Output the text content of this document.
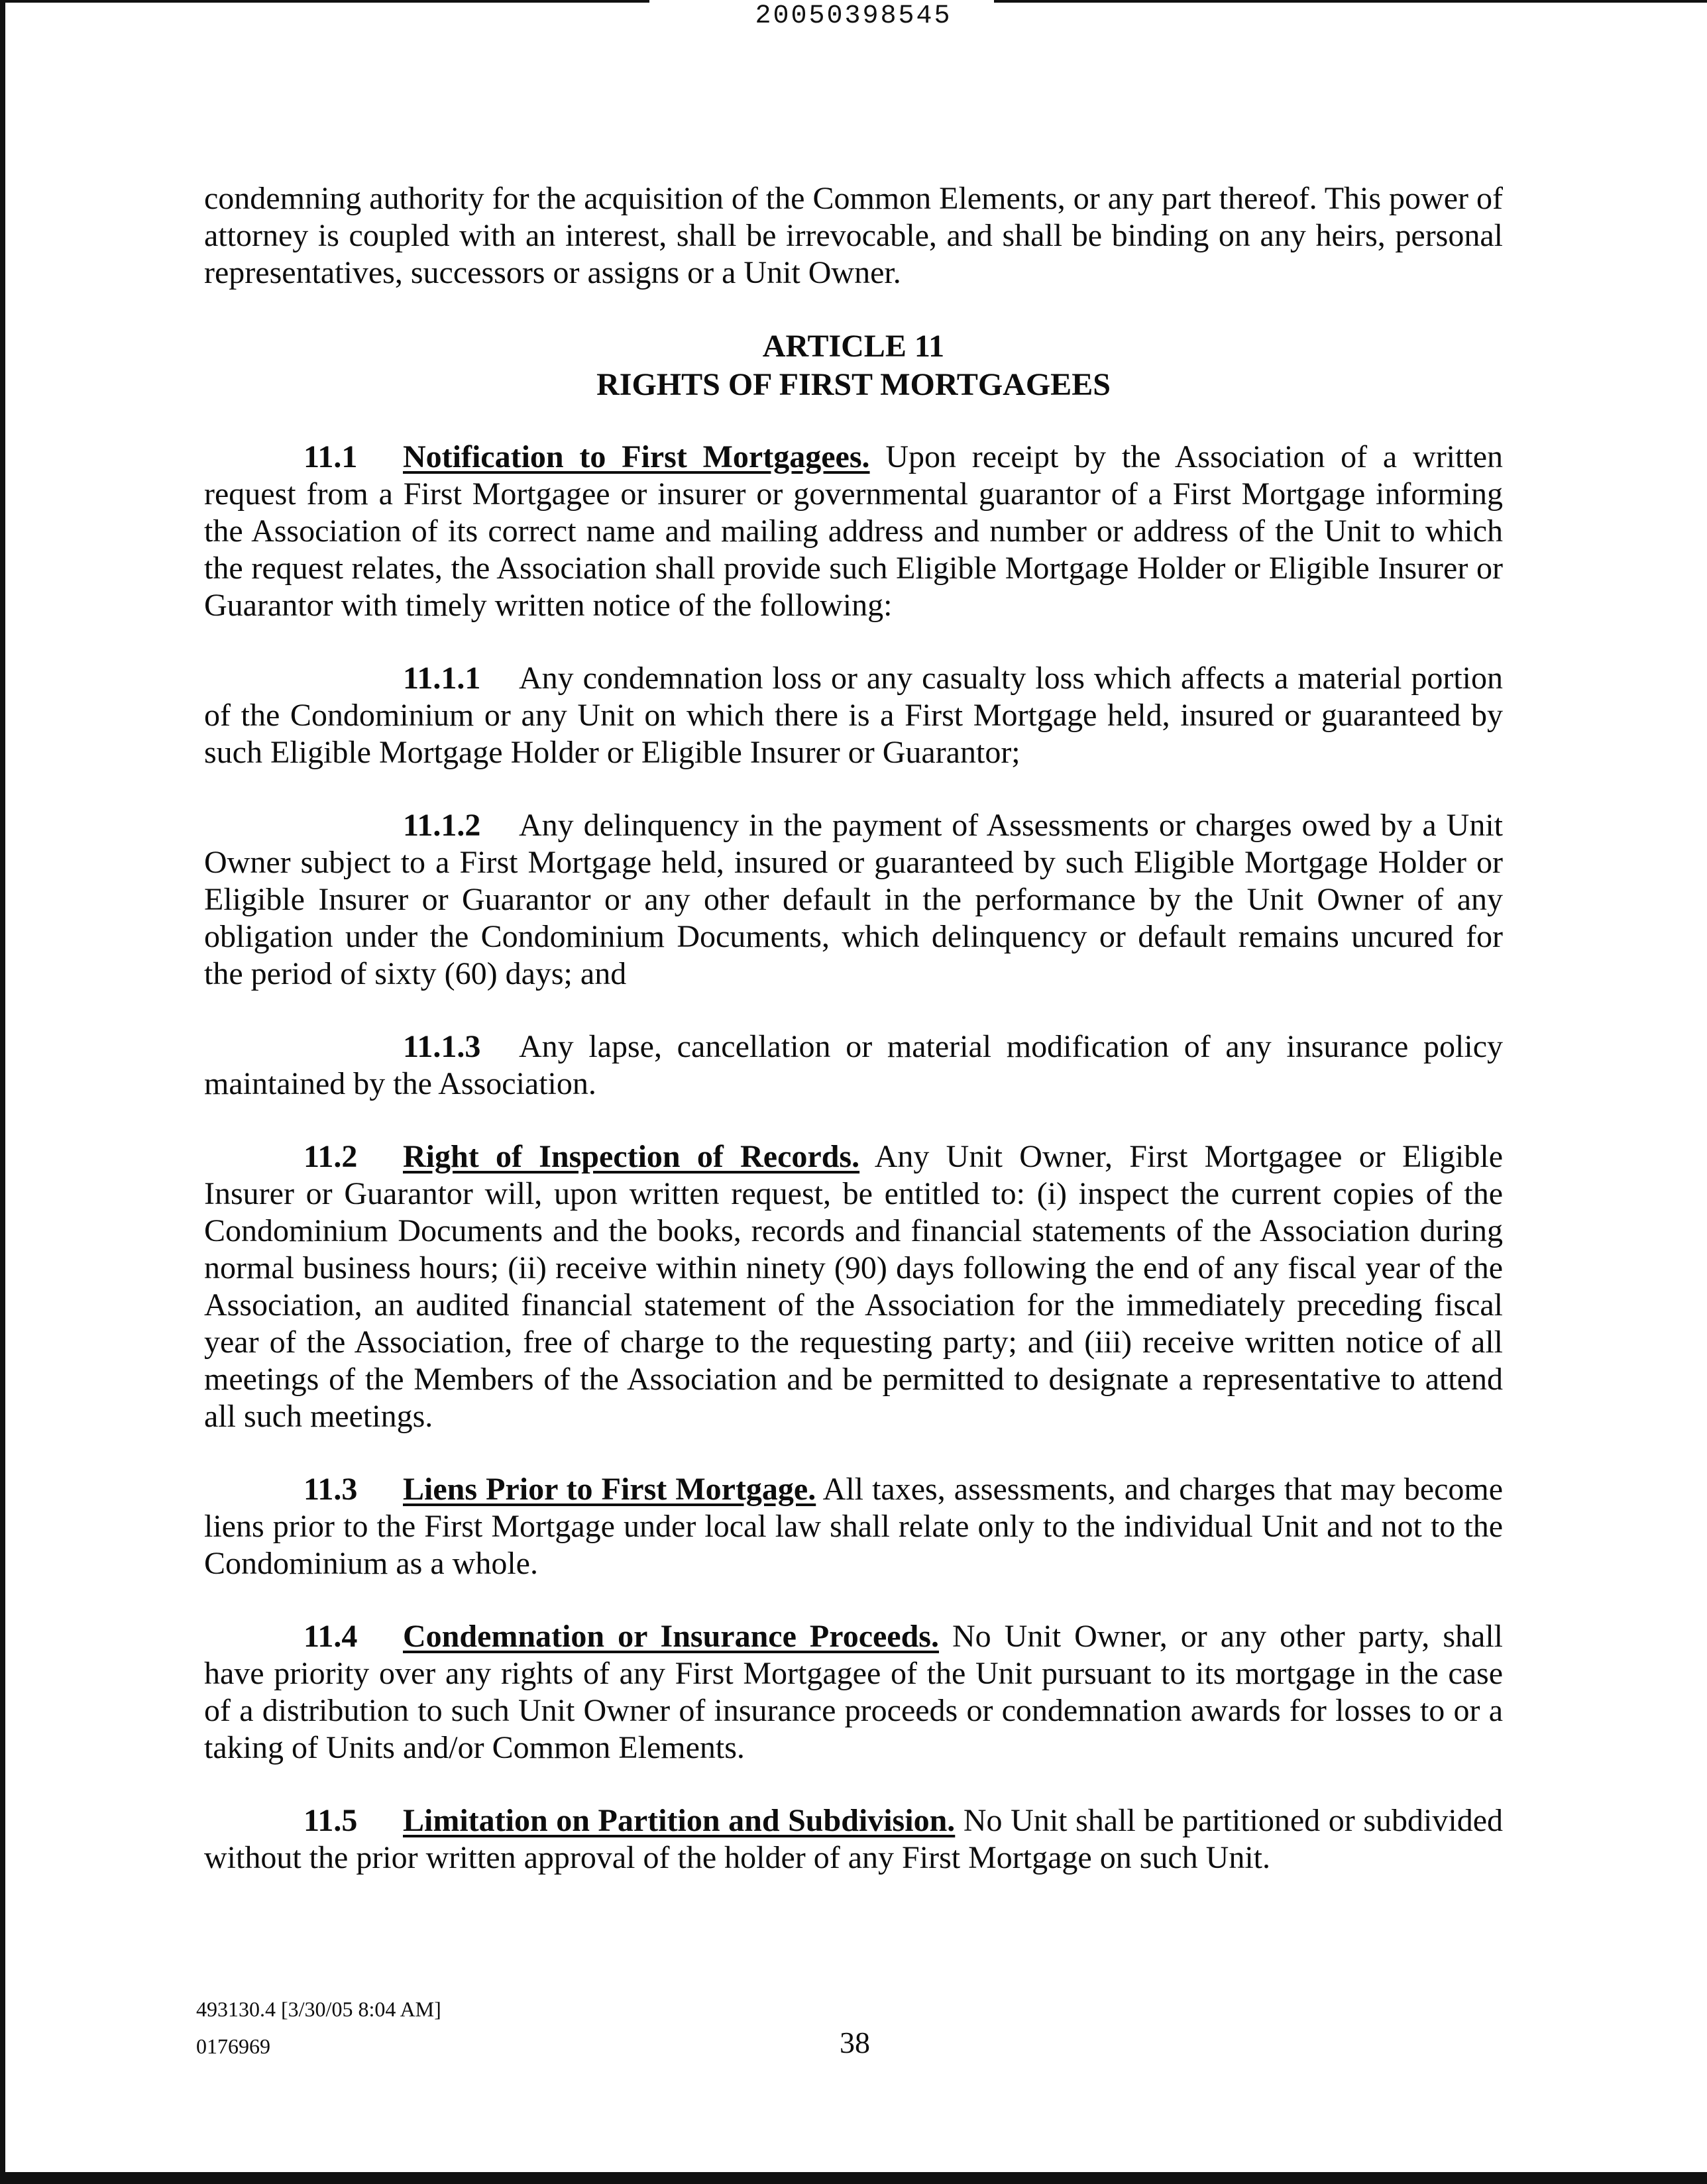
20050398545

condemning authority for the acquisition of the Common Elements, or any part thereof. This power of attorney is coupled with an interest, shall be irrevocable, and shall be binding on any heirs, personal representatives, successors or assigns or a Unit Owner.

ARTICLE 11
RIGHTS OF FIRST MORTGAGEES

11.1 Notification to First Mortgagees. Upon receipt by the Association of a written request from a First Mortgagee or insurer or governmental guarantor of a First Mortgage informing the Association of its correct name and mailing address and number or address of the Unit to which the request relates, the Association shall provide such Eligible Mortgage Holder or Eligible Insurer or Guarantor with timely written notice of the following:

11.1.1 Any condemnation loss or any casualty loss which affects a material portion of the Condominium or any Unit on which there is a First Mortgage held, insured or guaranteed by such Eligible Mortgage Holder or Eligible Insurer or Guarantor;

11.1.2 Any delinquency in the payment of Assessments or charges owed by a Unit Owner subject to a First Mortgage held, insured or guaranteed by such Eligible Mortgage Holder or Eligible Insurer or Guarantor or any other default in the performance by the Unit Owner of any obligation under the Condominium Documents, which delinquency or default remains uncured for the period of sixty (60) days; and

11.1.3 Any lapse, cancellation or material modification of any insurance policy maintained by the Association.

11.2 Right of Inspection of Records. Any Unit Owner, First Mortgagee or Eligible Insurer or Guarantor will, upon written request, be entitled to: (i) inspect the current copies of the Condominium Documents and the books, records and financial statements of the Association during normal business hours; (ii) receive within ninety (90) days following the end of any fiscal year of the Association, an audited financial statement of the Association for the immediately preceding fiscal year of the Association, free of charge to the requesting party; and (iii) receive written notice of all meetings of the Members of the Association and be permitted to designate a representative to attend all such meetings.

11.3 Liens Prior to First Mortgage. All taxes, assessments, and charges that may become liens prior to the First Mortgage under local law shall relate only to the individual Unit and not to the Condominium as a whole.

11.4 Condemnation or Insurance Proceeds. No Unit Owner, or any other party, shall have priority over any rights of any First Mortgagee of the Unit pursuant to its mortgage in the case of a distribution to such Unit Owner of insurance proceeds or condemnation awards for losses to or a taking of Units and/or Common Elements.

11.5 Limitation on Partition and Subdivision. No Unit shall be partitioned or subdivided without the prior written approval of the holder of any First Mortgage on such Unit.

493130.4 [3/30/05 8:04 AM]
0176969	38
